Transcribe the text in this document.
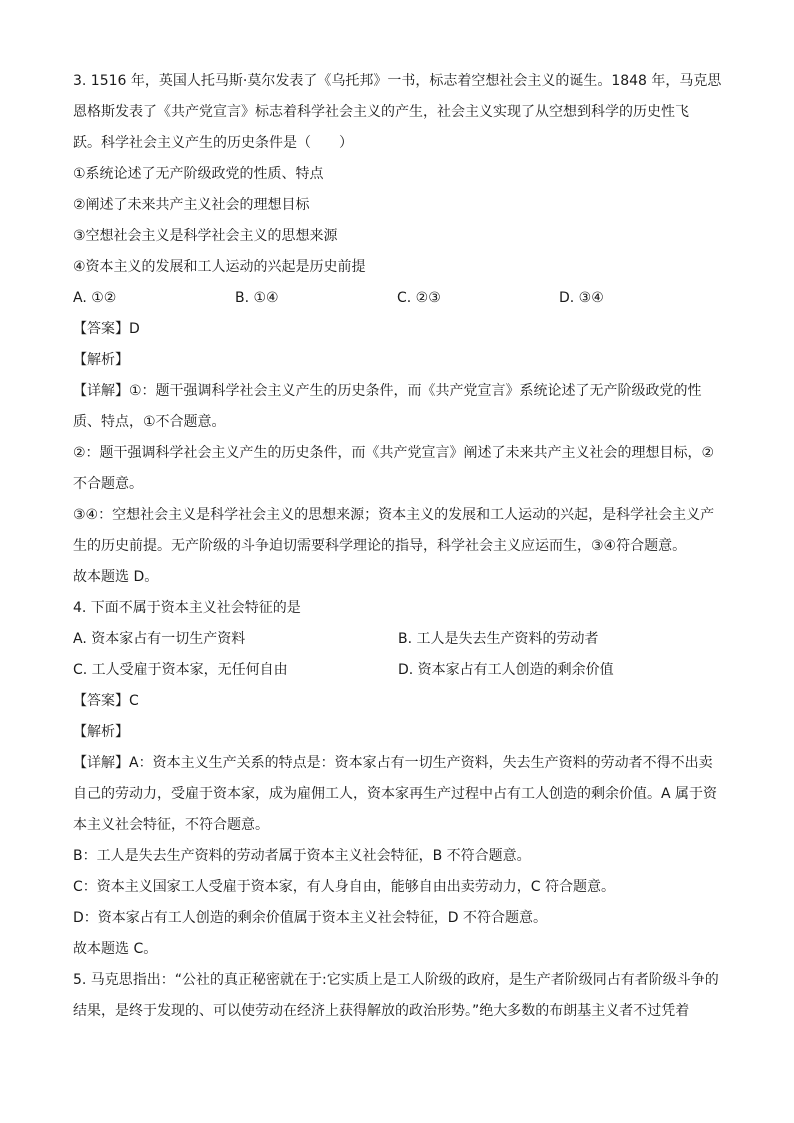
3. 1516 年，英国人托马斯·莫尔发表了《乌托邦》一书，标志着空想社会主义的诞生。1848 年，马克思
恩格斯发表了《共产党宣言》标志着科学社会主义的产生，社会主义实现了从空想到科学的历史性飞
跃。科学社会主义产生的历史条件是（　　）
①系统论述了无产阶级政党的性质、特点
②阐述了未来共产主义社会的理想目标
③空想社会主义是科学社会主义的思想来源
④资本主义的发展和工人运动的兴起是历史前提
A. ①②	B. ①④	C. ②③	D. ③④
【答案】D
【解析】
【详解】①：题干强调科学社会主义产生的历史条件，而《共产党宣言》系统论述了无产阶级政党的性质、特点，①不合题意。
②：题干强调科学社会主义产生的历史条件，而《共产党宣言》阐述了未来共产主义社会的理想目标，②不合题意。
③④：空想社会主义是科学社会主义的思想来源；资本主义的发展和工人运动的兴起，是科学社会主义产生的历史前提。无产阶级的斗争迫切需要科学理论的指导，科学社会主义应运而生，③④符合题意。
故本题选 D。
4. 下面不属于资本主义社会特征的是
A. 资本家占有一切生产资料	B. 工人是失去生产资料的劳动者
C. 工人受雇于资本家，无任何自由	D. 资本家占有工人创造的剩余价值
【答案】C
【解析】
【详解】A：资本主义生产关系的特点是：资本家占有一切生产资料，失去生产资料的劳动者不得不出卖自己的劳动力，受雇于资本家，成为雇佣工人，资本家再生产过程中占有工人创造的剩余价值。A 属于资本主义社会特征，不符合题意。
B：工人是失去生产资料的劳动者属于资本主义社会特征，B 不符合题意。
C：资本主义国家工人受雇于资本家，有人身自由，能够自由出卖劳动力，C 符合题意。
D：资本家占有工人创造的剩余价值属于资本主义社会特征，D 不符合题意。
故本题选 C。
5. 马克思指出：“公社的真正秘密就在于:它实质上是工人阶级的政府，是生产者阶级同占有者阶级斗争的结果，是终于发现的、可以使劳动在经济上获得解放的政治形势。”绝大多数的布朗基主义者不过凭着
